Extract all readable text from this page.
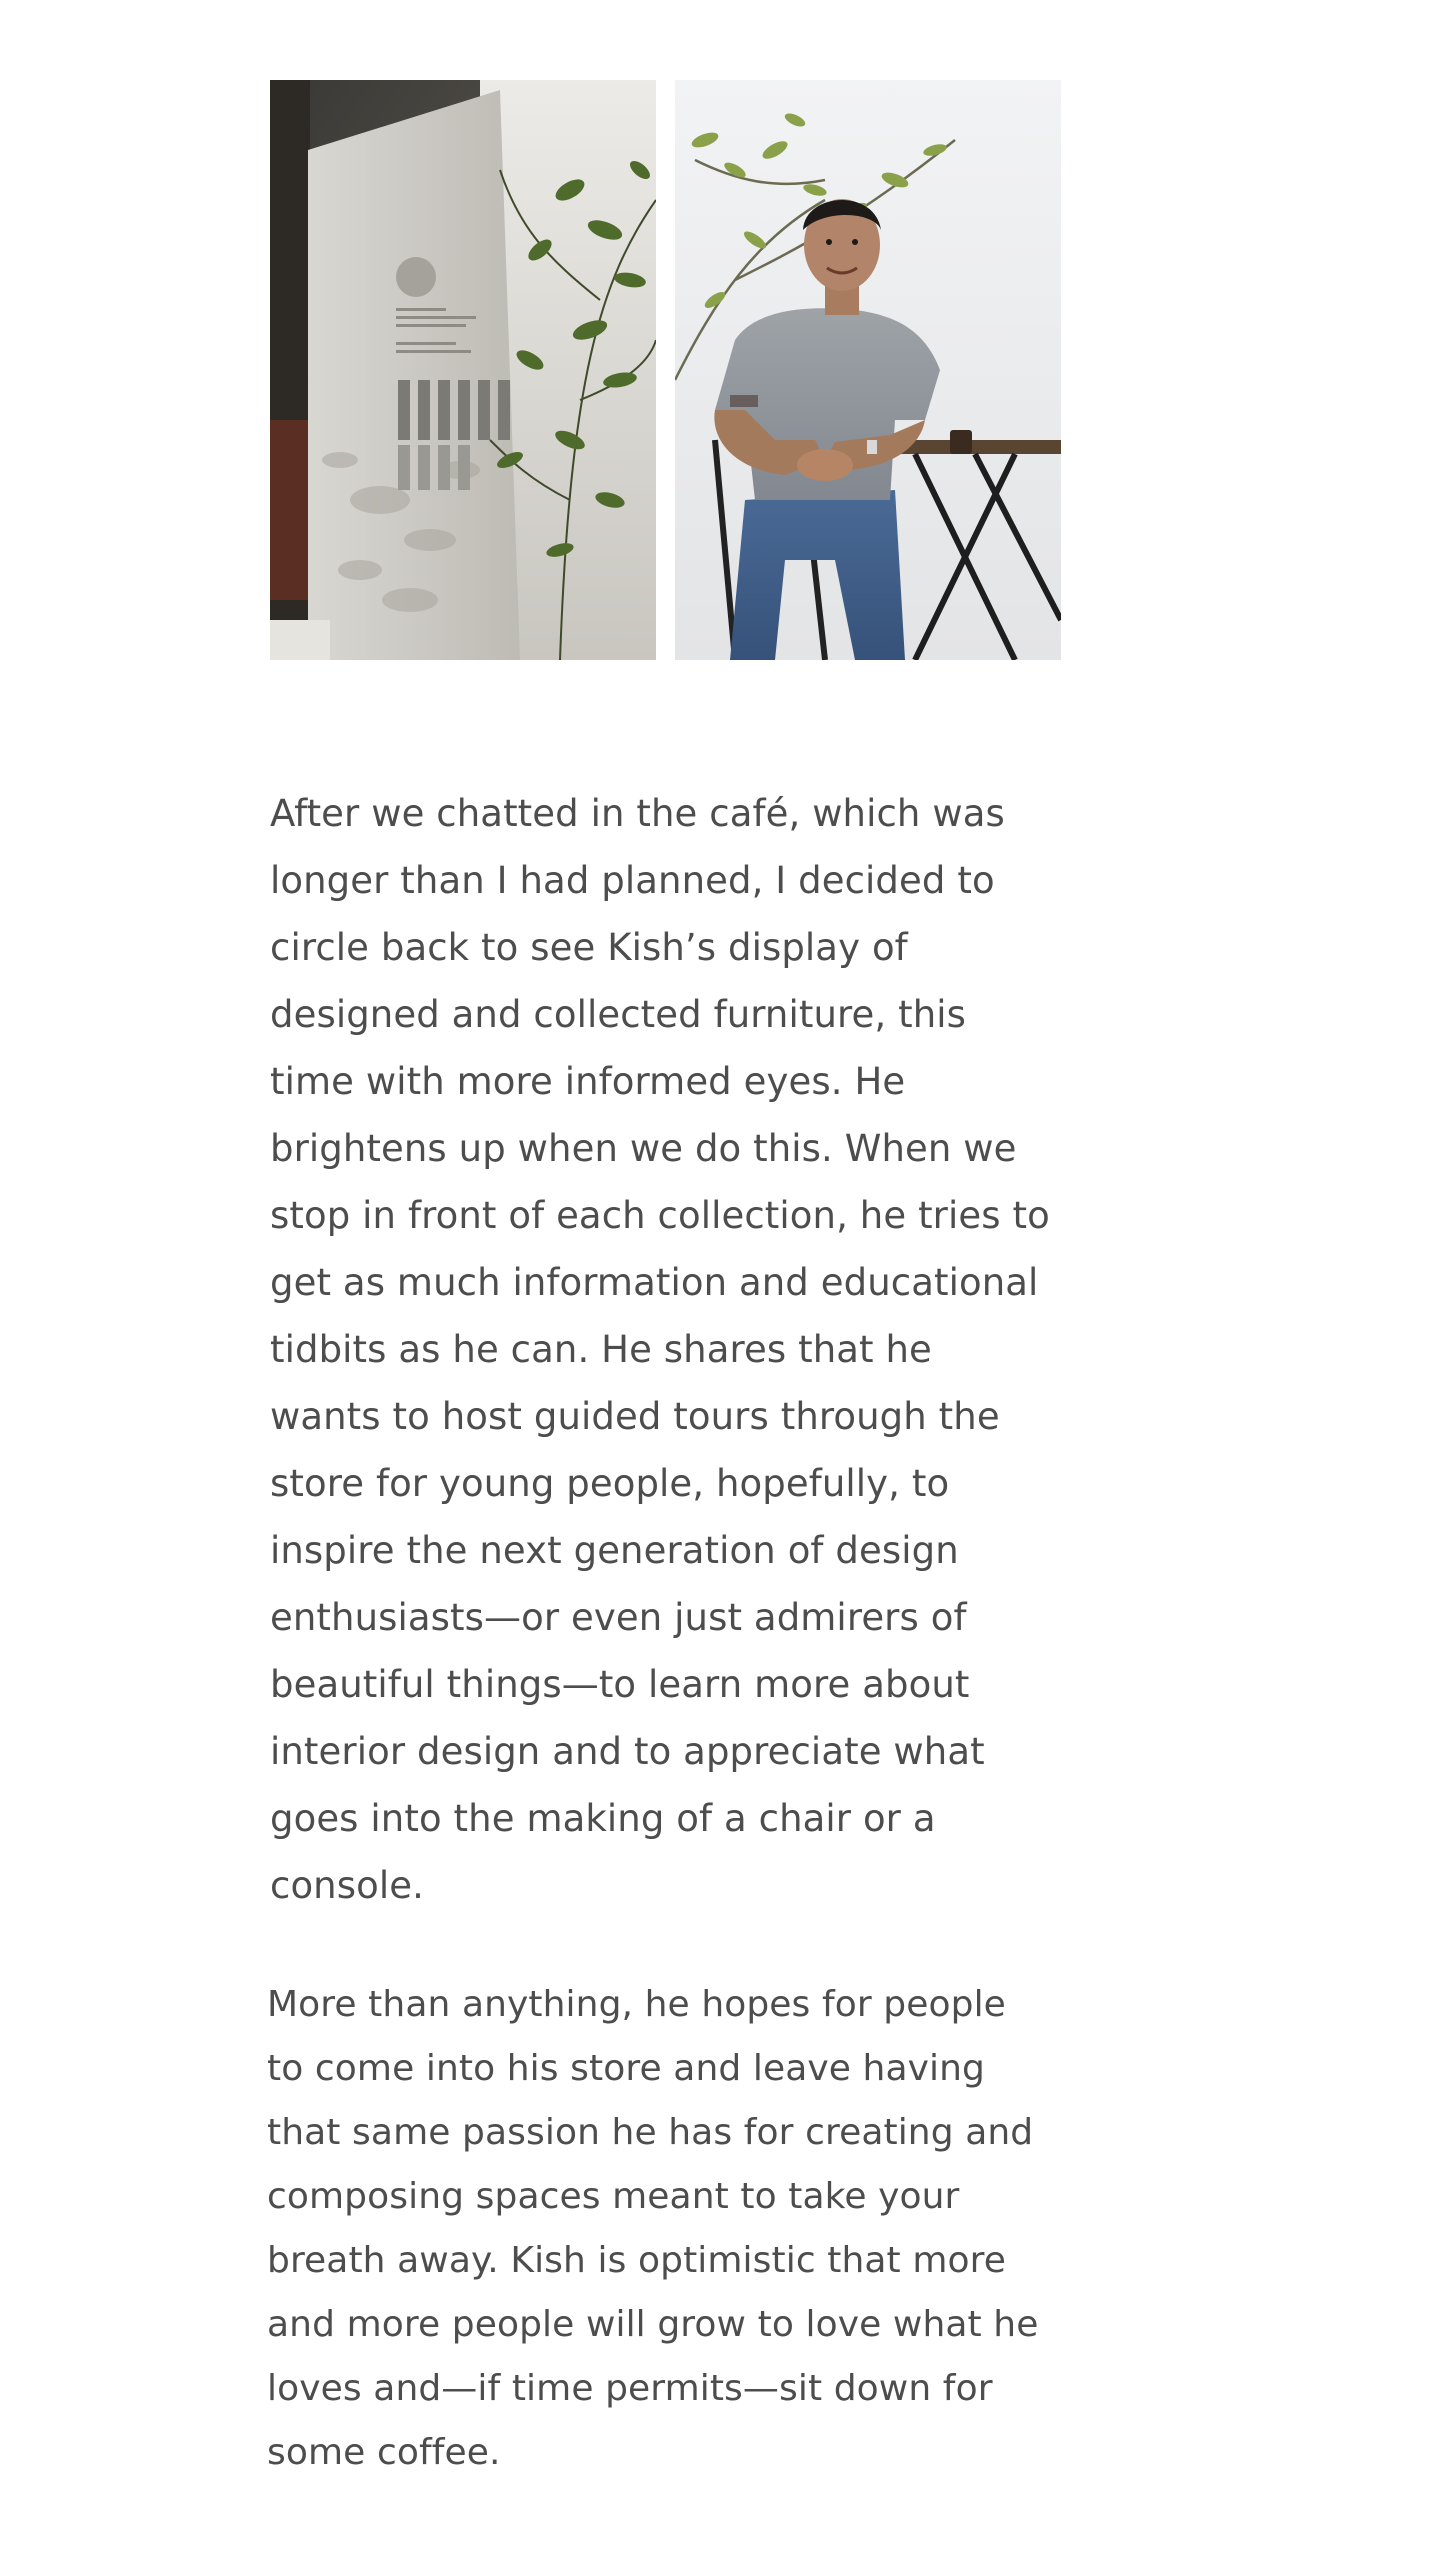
After we chatted in the café, which was longer than I had planned, I decided to circle back to see Kish’s display of designed and collected furniture, this time with more informed eyes. He brightens up when we do this. When we stop in front of each collection, he tries to get as much information and educational tidbits as he can. He shares that he wants to host guided tours through the store for young people, hopefully, to inspire the next generation of design enthusiasts—or even just admirers of beautiful things—to learn more about interior design and to appreciate what goes into the making of a chair or a console.

More than anything, he hopes for people to come into his store and leave having that same passion he has for creating and composing spaces meant to take your breath away. Kish is optimistic that more and more people will grow to love what he loves and—if time permits—sit down for some coffee.
